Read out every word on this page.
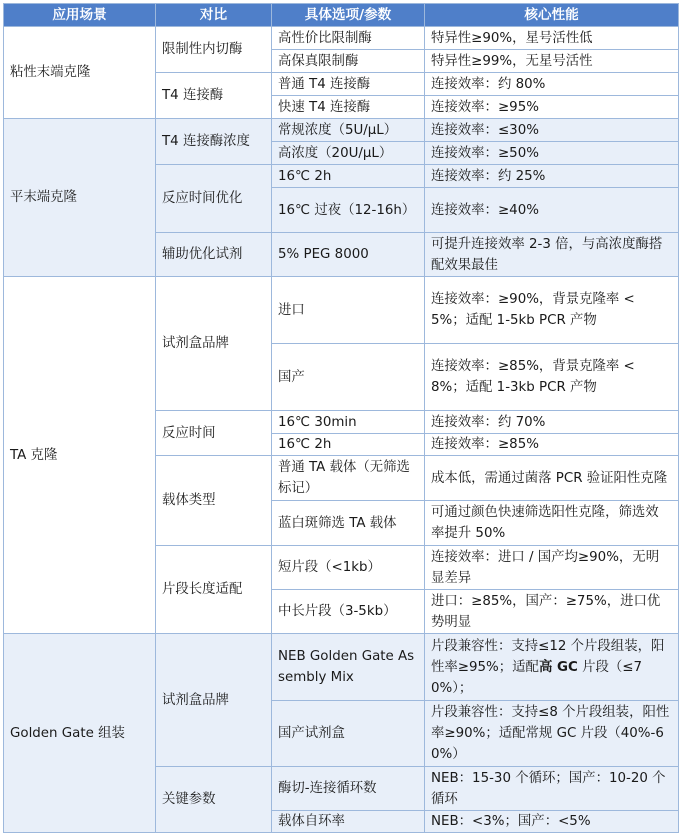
应用场景	对比	具体选项/参数	核心性能
粘性末端克隆	限制性内切酶	高性价比限制酶	特异性≥90%，星号活性低
		高保真限制酶	特异性≥99%，无星号活性
	T4 连接酶	普通 T4 连接酶	连接效率：约 80%
		快速 T4 连接酶	连接效率：≥95%
平末端克隆	T4 连接酶浓度	常规浓度（5U/μL）	连接效率：≤30%
		高浓度（20U/μL）	连接效率：≥50%
	反应时间优化	16℃ 2h	连接效率：约 25%
		16℃ 过夜（12-16h）	连接效率：≥40%
	辅助优化试剂	5% PEG 8000	可提升连接效率 2-3 倍，与高浓度酶搭配效果最佳
TA 克隆	试剂盒品牌	进口	连接效率：≥90%，背景克隆率 < 5%；适配 1-5kb PCR 产物
		国产	连接效率：≥85%，背景克隆率 < 8%；适配 1-3kb PCR 产物
	反应时间	16℃ 30min	连接效率：约 70%
		16℃ 2h	连接效率：≥85%
	载体类型	普通 TA 载体（无筛选标记）	成本低，需通过菌落 PCR 验证阳性克隆
		蓝白斑筛选 TA 载体	可通过颜色快速筛选阳性克隆，筛选效率提升 50%
	片段长度适配	短片段（<1kb）	连接效率：进口 / 国产均≥90%，无明显差异
		中长片段（3-5kb）	进口：≥85%，国产：≥75%，进口优势明显
Golden Gate 组装	试剂盒品牌	NEB Golden Gate Assembly Mix	片段兼容性：支持≤12 个片段组装，阳性率≥95%；适配高 GC 片段（≤70%）；
		国产试剂盒	片段兼容性：支持≤8 个片段组装，阳性率≥90%；适配常规 GC 片段（40%-60%）
	关键参数	酶切-连接循环数	NEB：15-30 个循环；国产：10-20 个循环
		载体自环率	NEB：<3%；国产：<5%
